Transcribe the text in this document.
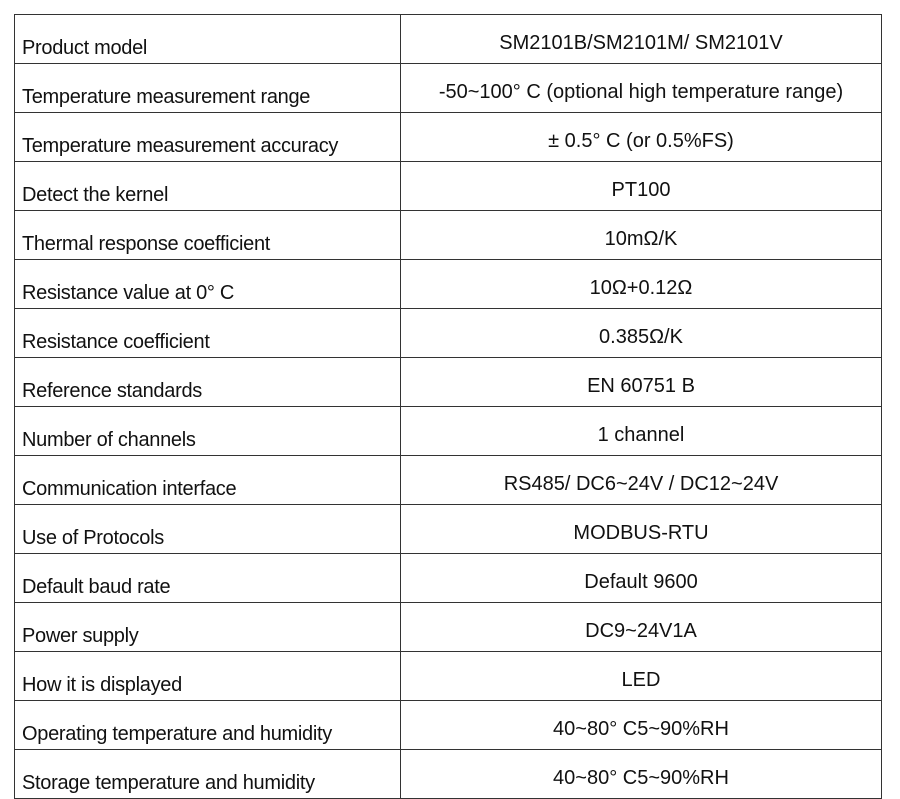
Product model	SM2101B/SM2101M/ SM2101V
Temperature measurement range	-50~100° C (optional high temperature range)
Temperature measurement accuracy	± 0.5° C (or 0.5%FS)
Detect the kernel	PT100
Thermal response coefficient	10mΩ/K
Resistance value at 0° C	10Ω+0.12Ω
Resistance coefficient	0.385Ω/K
Reference standards	EN 60751 B
Number of channels	1 channel
Communication interface	RS485/ DC6~24V / DC12~24V
Use of Protocols	MODBUS-RTU
Default baud rate	Default 9600
Power supply	DC9~24V1A
How it is displayed	LED
Operating temperature and humidity	40~80° C5~90%RH
Storage temperature and humidity	40~80° C5~90%RH
